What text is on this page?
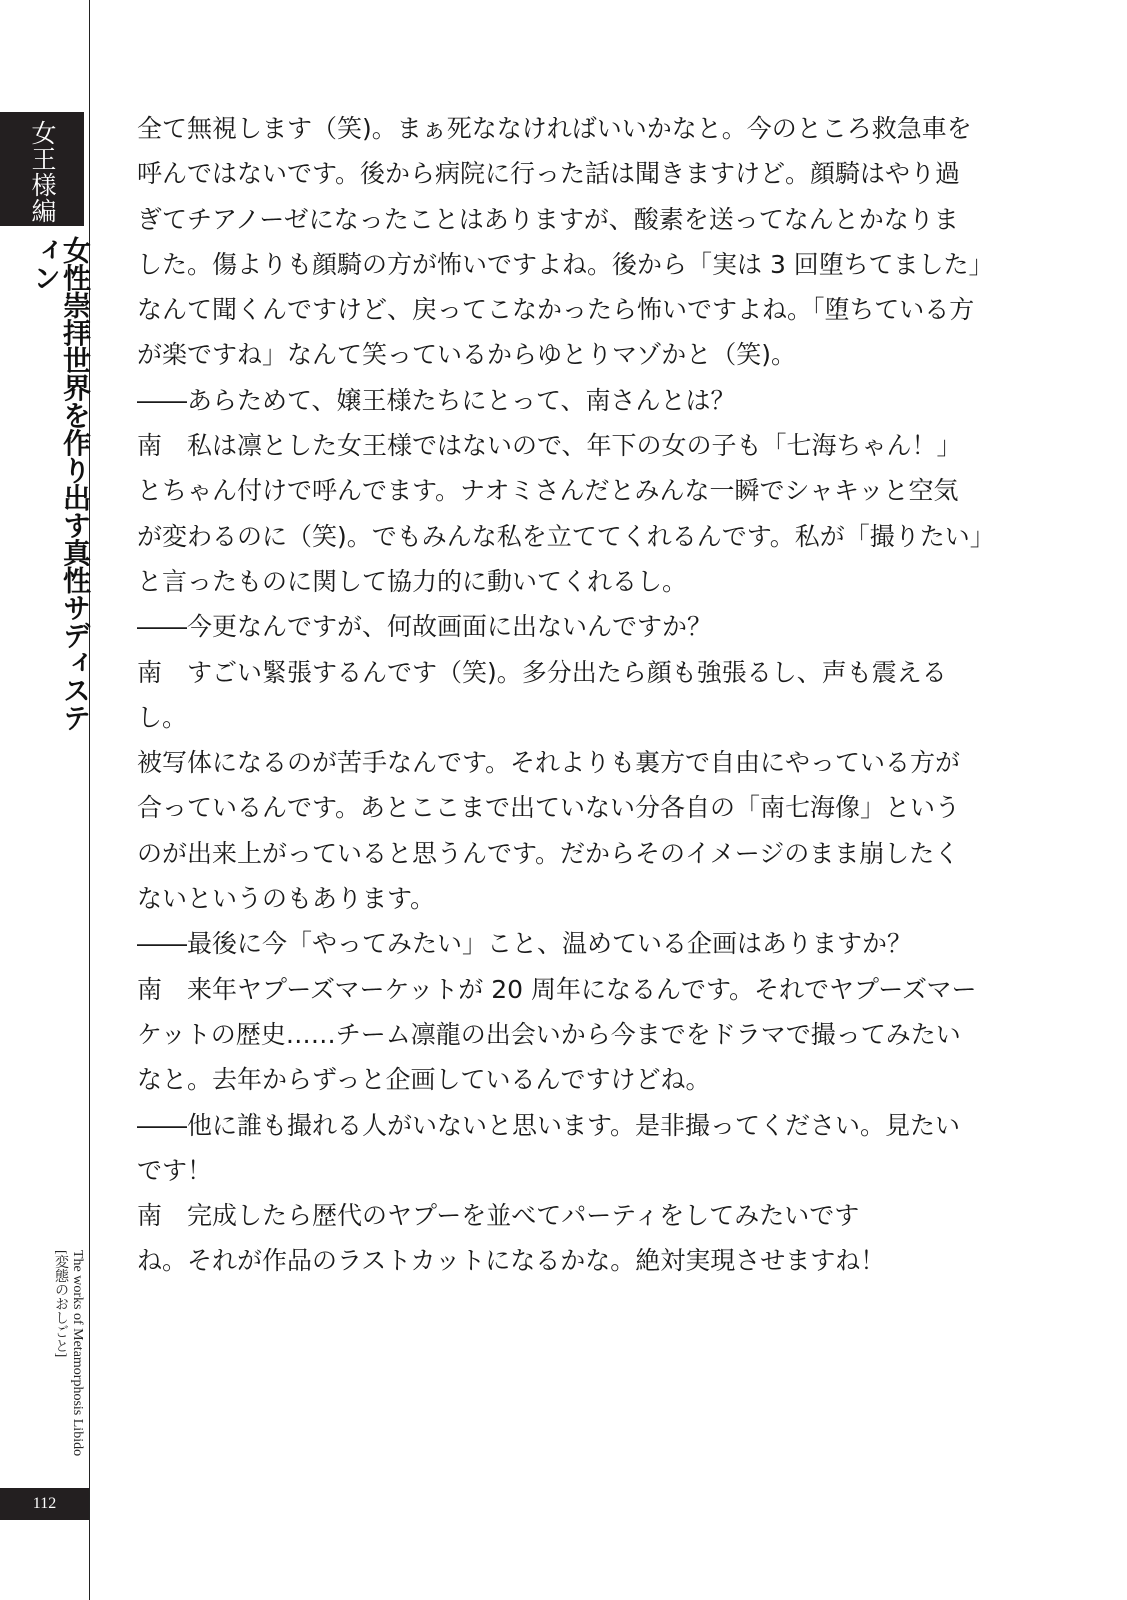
女王様編
女性崇拝世界を作り出す真性サディスティン
The works of Metamorphosis Libido
[変態のおしごと]
112

全て無視します（笑)。まぁ死ななければいいかなと。今のところ救急車を

呼んではないです。後から病院に行った話は聞きますけど。顔騎はやり過

ぎてチアノーゼになったことはありますが、酸素を送ってなんとかなりま

した。傷よりも顔騎の方が怖いですよね。後から「実は 3 回堕ちてました」

なんて聞くんですけど、戻ってこなかったら怖いですよね。「堕ちている方

が楽ですね」なんて笑っているからゆとりマゾかと（笑)。

――あらためて、嬢王様たちにとって、南さんとは？

南　私は凛とした女王様ではないので、年下の女の子も「七海ちゃん！」

とちゃん付けで呼んでます。ナオミさんだとみんな一瞬でシャキッと空気

が変わるのに（笑)。でもみんな私を立ててくれるんです。私が「撮りたい」

と言ったものに関して協力的に動いてくれるし。

――今更なんですが、何故画面に出ないんですか？

南　すごい緊張するんです（笑)。多分出たら顔も強張るし、声も震えるし。

被写体になるのが苦手なんです。それよりも裏方で自由にやっている方が

合っているんです。あとここまで出ていない分各自の「南七海像」という

のが出来上がっていると思うんです。だからそのイメージのまま崩したく

ないというのもあります。

――最後に今「やってみたい」こと、温めている企画はありますか？

南　来年ヤプーズマーケットが 20 周年になるんです。それでヤプーズマー

ケットの歴史……チーム凛龍の出会いから今までをドラマで撮ってみたい

なと。去年からずっと企画しているんですけどね。

――他に誰も撮れる人がいないと思います。是非撮ってください。見たい

です！

南　完成したら歴代のヤプーを並べてパーティをしてみたいです

ね。それが作品のラストカットになるかな。絶対実現させますね！
